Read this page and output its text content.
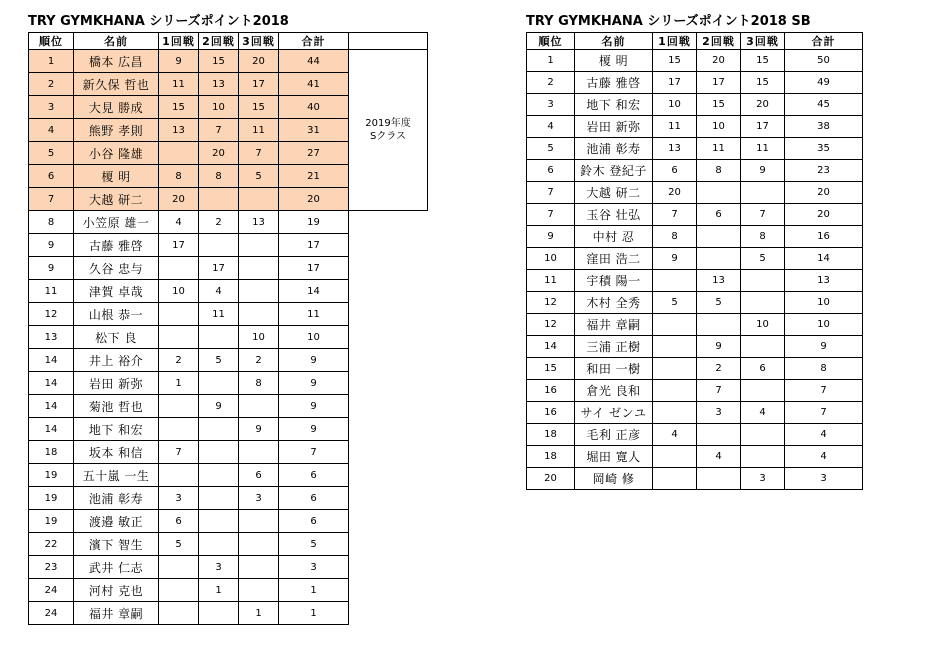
TRY GYMKHANA シリーズポイント2018
順位	名前	1回戦	2回戦	3回戦	合計	
1	橋本 広昌	9	15	20	44	2019年度
Sクラス

2	新久保 哲也	11	13	17	41	
3	大見 勝成	15	10	15	40	
4	熊野 孝則	13	7	11	31	
5	小谷 隆雄		20	7	27	
6	榎 明	8	8	5	21	
7	大越 研二	20			20	
8	小笠原 雄一	4	2	13	19	
9	古藤 雅啓	17			17	
9	久谷 忠与		17		17	
11	津賀 卓哉	10	4		14	
12	山根 恭一		11		11	
13	松下 良			10	10	
14	井上 裕介	2	5	2	9	
14	岩田 新弥	1		8	9	
14	菊池 哲也		9		9	
14	地下 和宏			9	9	
18	坂本 和信	7			7	
19	五十嵐 一生			6	6	
19	池浦 彰寿	3		3	6	
19	渡邉 敏正	6			6	
22	濱下 智生	5			5	
23	武井 仁志		3		3	
24	河村 克也		1		1	
24	福井 章嗣			1	1	
TRY GYMKHANA シリーズポイント2018 SB
順位	名前	1回戦	2回戦	3回戦	合計
1	榎 明	15	20	15	50
2	古藤 雅啓	17	17	15	49
3	地下 和宏	10	15	20	45
4	岩田 新弥	11	10	17	38
5	池浦 彰寿	13	11	11	35
6	鈴木 登紀子	6	8	9	23
7	大越 研二	20			20
7	玉谷 壮弘	7	6	7	20
9	中村 忍	8		8	16
10	窪田 浩二	9		5	14
11	宇積 陽一		13		13
12	木村 全秀	5	5		10
12	福井 章嗣			10	10
14	三浦 正樹		9		9
15	和田 一樹		2	6	8
16	倉光 良和		7		7
16	サイ ゼンユ		3	4	7
18	毛利 正彦	4			4
18	堀田 寛人		4		4
20	岡崎 修			3	3
